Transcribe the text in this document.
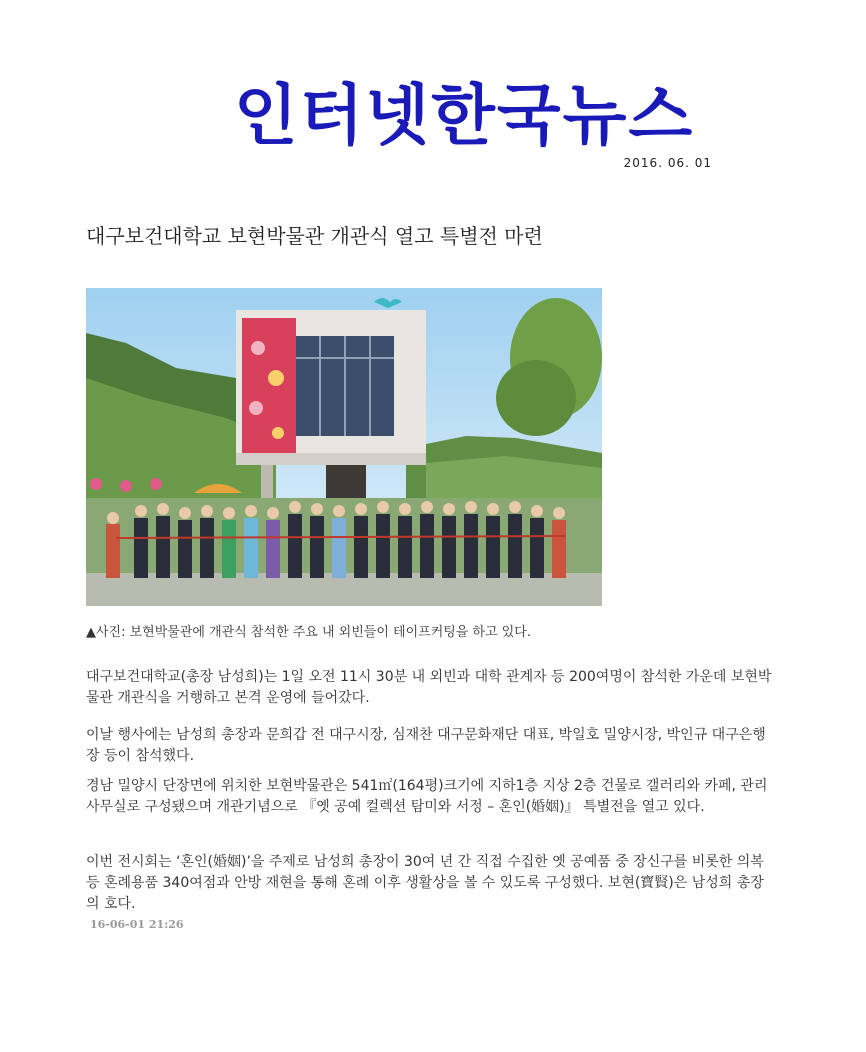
인터넷한국뉴스
2016. 06. 01
대구보건대학교 보현박물관 개관식 열고 특별전 마련
▲사진: 보현박물관에 개관식 참석한 주요 내 외빈들이 테이프커팅을 하고 있다.

대구보건대학교(총장 남성희)는 1일 오전 11시 30분 내 외빈과 대학 관계자 등 200여명이 참석한 가운데 보현박물관 개관식을 거행하고 본격 운영에 들어갔다.

이날 행사에는 남성희 총장과 문희갑 전 대구시장, 심재찬 대구문화재단 대표, 박일호 밀양시장, 박인규 대구은행장 등이 참석했다.

경남 밀양시 단장면에 위치한 보현박물관은 541㎡(164평)크기에 지하1층 지상 2층 건물로 갤러리와 카페, 관리사무실로 구성됐으며 개관기념으로 『옛 공예 컬렉션 탐미와 서정 – 혼인(婚姻)』 특별전을 열고 있다.

이번 전시회는 ‘혼인(婚姻)’을 주제로 남성희 총장이 30여 년 간 직접 수집한 옛 공예품 중 장신구를 비롯한 의복 등 혼례용품 340여점과 안방 재현을 통해 혼례 이후 생활상을 볼 수 있도록 구성했다. 보현(寶賢)은 남성희 총장의 호다.

16-06-01 21:26
